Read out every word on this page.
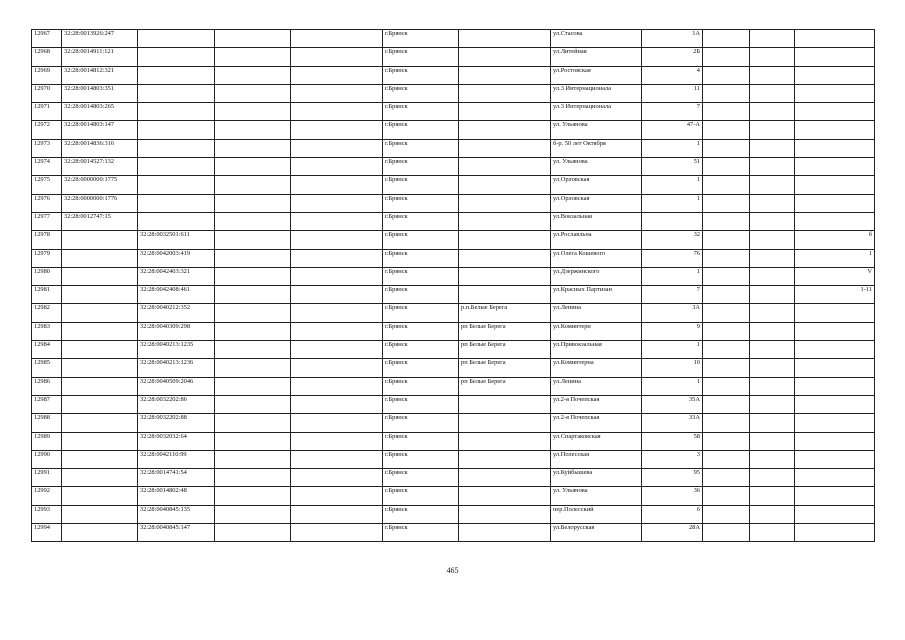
12967	32:28:0013926:247				г.Брянск		ул.Стасова	1А			
12968	32:28:0014911:121				г.Брянск		ул.Литейная	2Б			
12969	32:28:0014812:321				г.Брянск		ул.Ростовская	4			
12970	32:28:0014803:351				г.Брянск		ул.3 Интернационала	11			
12971	32:28:0014803:265				г.Брянск		ул.3 Интернационала	7			
12972	32:28:0014803:147				г.Брянск		ул. Ульянова	47-А			
12973	32:28:0014836:316				г.Брянск		б-р. 50 лет Октября	1			
12974	32:28:0014527:132				г.Брянск		ул. Ульянова	51			
12975	32:28:0000000:1775				г.Брянск		ул.Орловская	1			
12976	32:28:0000000:1776				г.Брянск		ул.Орловская	1			
12977	32:28:0012747:15				г.Брянск		ул.Вокзальная				
12978		32:28:0032501:611			г.Брянск		ул.Рославльна	32			б
12979		32:28:0042003:419			г.Брянск		ул.Олега Кошевого	76			1
12980		32:28:0042403:321			г.Брянск		ул.Дзержинского	1			V
12981		32:28:0042408:461			г.Брянск		ул.Красных Партизан	7			1-11
12982		32:28:0040212:352			г.Брянск	р.п.Белые Берега	ул.Ленина	3А			
12983		32:28:0040309:298			г.Брянск	рп Белые Берега	ул.Коминтерн	9			
12984		32:28:0040213:1235			г.Брянск	рп Белые Берега	ул.Привокзальная	1			
12985		32:28:0040213:1236			г.Брянск	рп Белые Берега	ул.Коминтерна	10			
12986		32:28:0040509:2046			г.Брянск	рп Белые Берега	ул.Ленина	1			
12987		32:28:0032202:86			г.Брянск		ул.2-я Почепская	35А			
12988		32:28:0032202:88			г.Брянск		ул.2-я Почепская	33А			
12989		32:28:0032032:64			г.Брянск		ул.Спартаковская	58			
12990		32:28:0042110:99			г.Брянск		ул.Полесская	3			
12991		32:28:0014741:54			г.Брянск		ул.Куйбышева	95			
12992		32:28:0014802:48			г.Брянск		ул. Ульянова	36			
12993		32:28:0040845:135			г.Брянск		пер.Полесский	6			
12994		32:28:0040845:147			г.Брянск		ул.Белорусская	28А			
465
